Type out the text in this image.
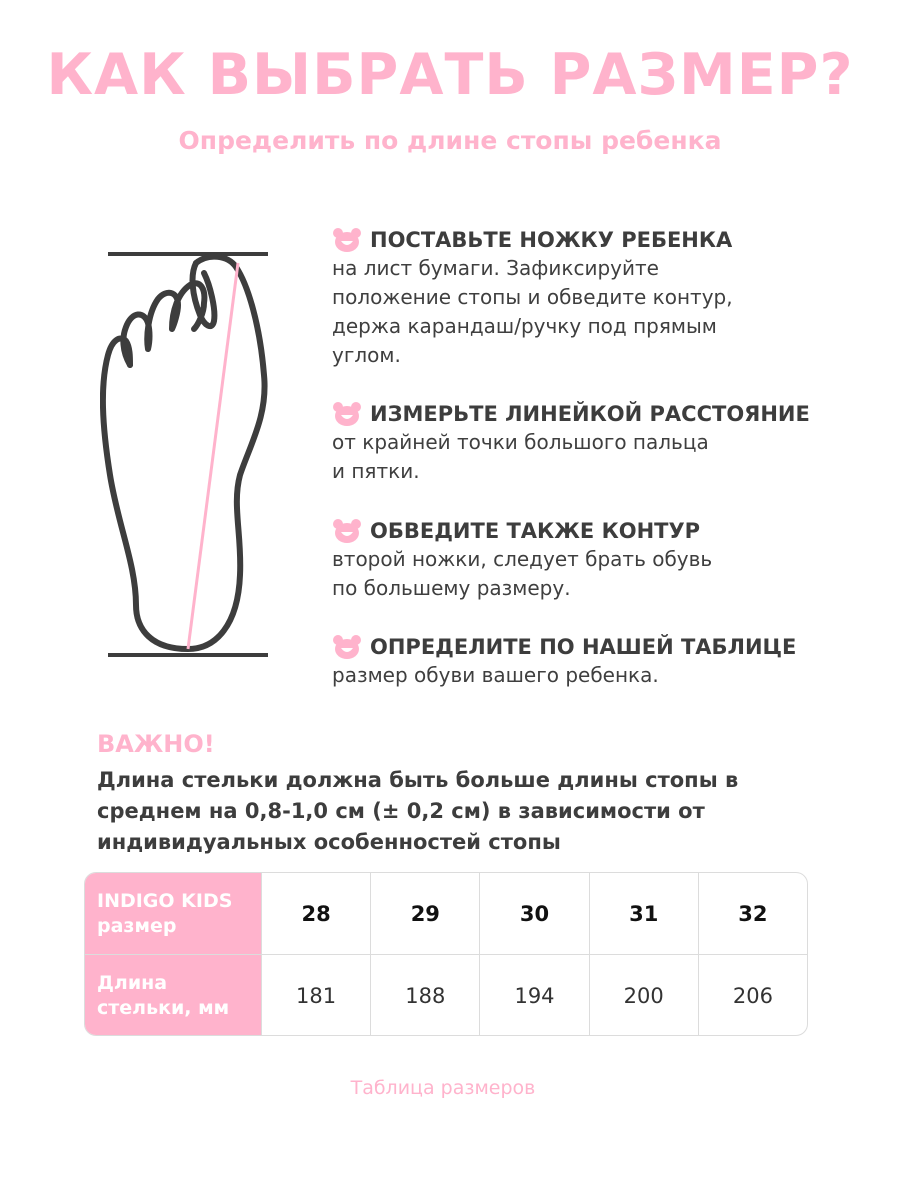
КАК ВЫБРАТЬ РАЗМЕР?
Определить по длине стопы ребенка
ПОСТАВЬТЕ НОЖКУ РЕБЕНКА
на лист бумаги. Зафиксируйте
положение стопы и обведите контур,
держа карандаш/ручку под прямым
углом.
ИЗМЕРЬТЕ ЛИНЕЙКОЙ РАССТОЯНИЕ
от крайней точки большого пальца
и пятки.
ОБВЕДИТЕ ТАКЖЕ КОНТУР
второй ножки, следует брать обувь
по большему размеру.
ОПРЕДЕЛИТЕ ПО НАШЕЙ ТАБЛИЦЕ
размер обуви вашего ребенка.
ВАЖНО!
Длина стельки должна быть больше длины стопы в среднем на 0,8-1,0 см (± 0,2 см) в зависимости от индивидуальных особенностей стопы
INDIGO KIDS
размер	28	29	30	31	32
Длина
стельки, мм	181	188	194	200	206
Таблица размеров
